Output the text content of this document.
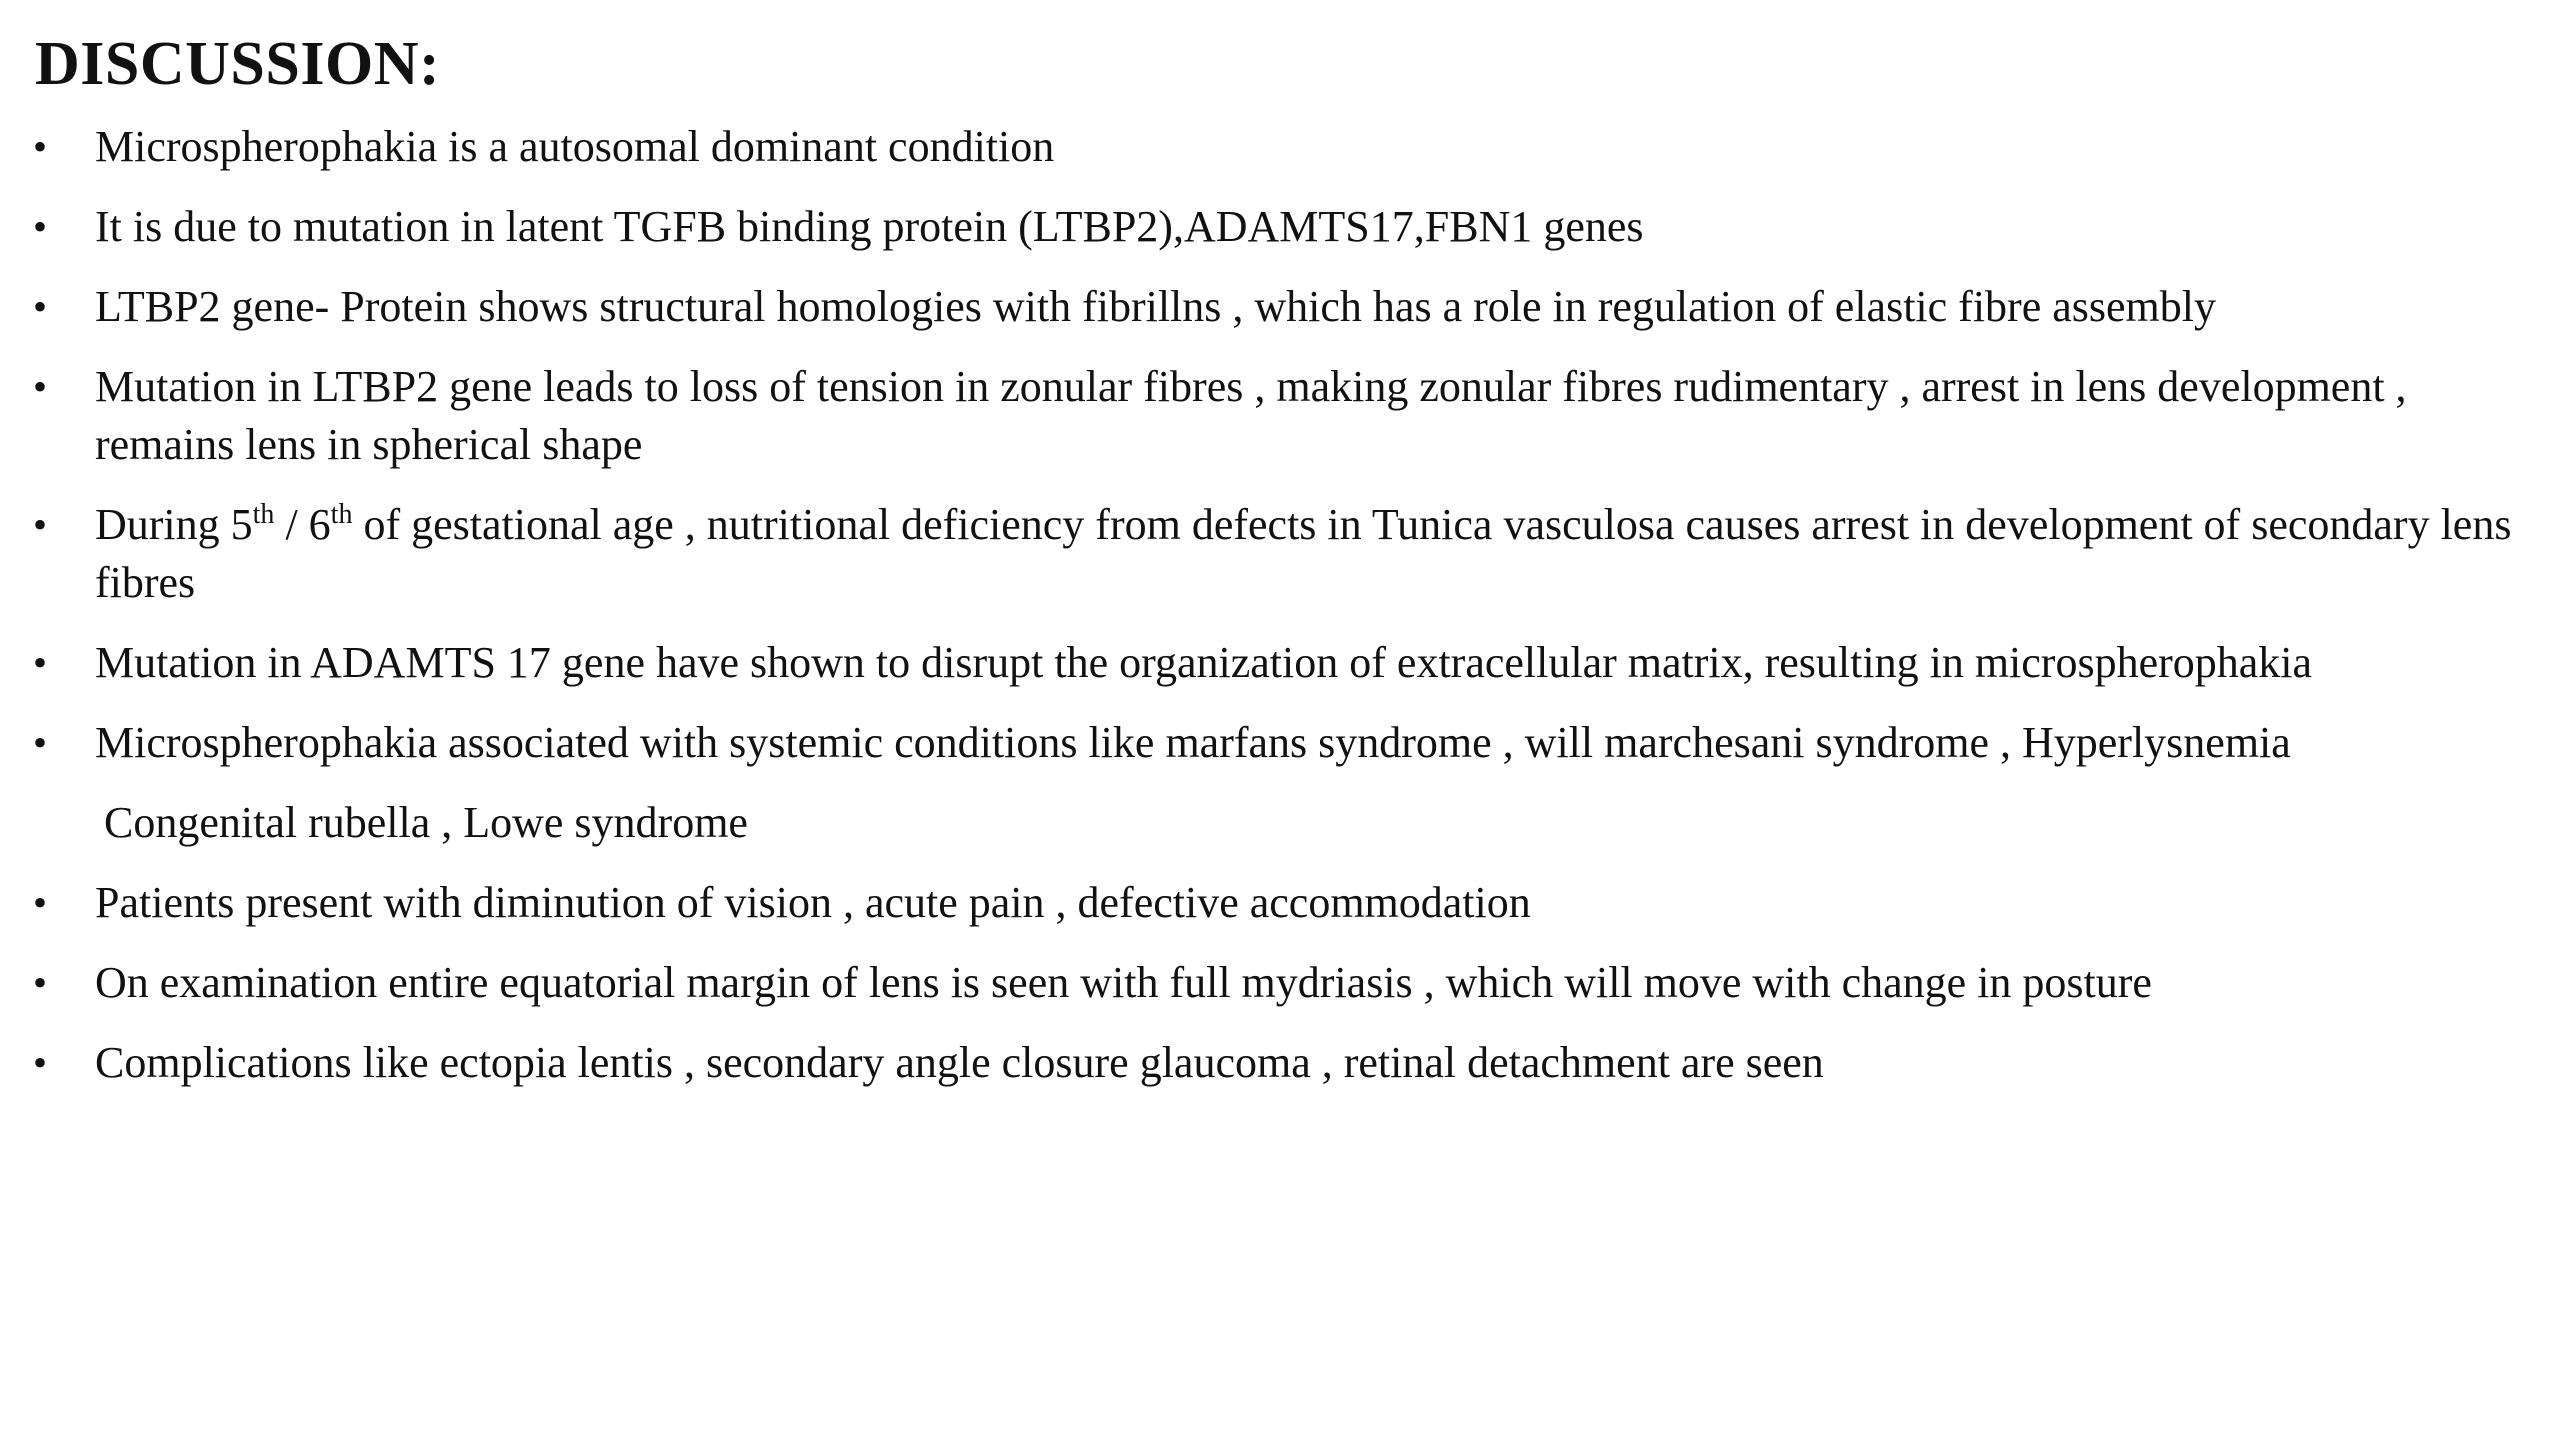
DISCUSSION:
• Microspherophakia is a autosomal dominant condition
• It is due to mutation in latent TGFB binding protein (LTBP2),ADAMTS17,FBN1 genes
• LTBP2 gene- Protein shows structural homologies with fibrillns , which has a role in regulation of elastic fibre assembly
• Mutation in LTBP2 gene leads to loss of tension in zonular fibres , making zonular fibres rudimentary , arrest in lens development , remains lens in spherical shape
• During 5th / 6th of gestational age , nutritional deficiency from defects in Tunica vasculosa causes arrest in development of secondary lens fibres
• Mutation in ADAMTS 17 gene have shown to disrupt the organization of extracellular matrix, resulting in microspherophakia
• Microspherophakia associated with systemic conditions like marfans syndrome , will marchesani syndrome , Hyperlysnemia
Congenital rubella , Lowe syndrome
• Patients present with diminution of vision , acute pain , defective accommodation
• On examination entire equatorial margin of lens is seen with full mydriasis , which will move with change in posture
• Complications like ectopia lentis , secondary angle closure glaucoma , retinal detachment are seen
